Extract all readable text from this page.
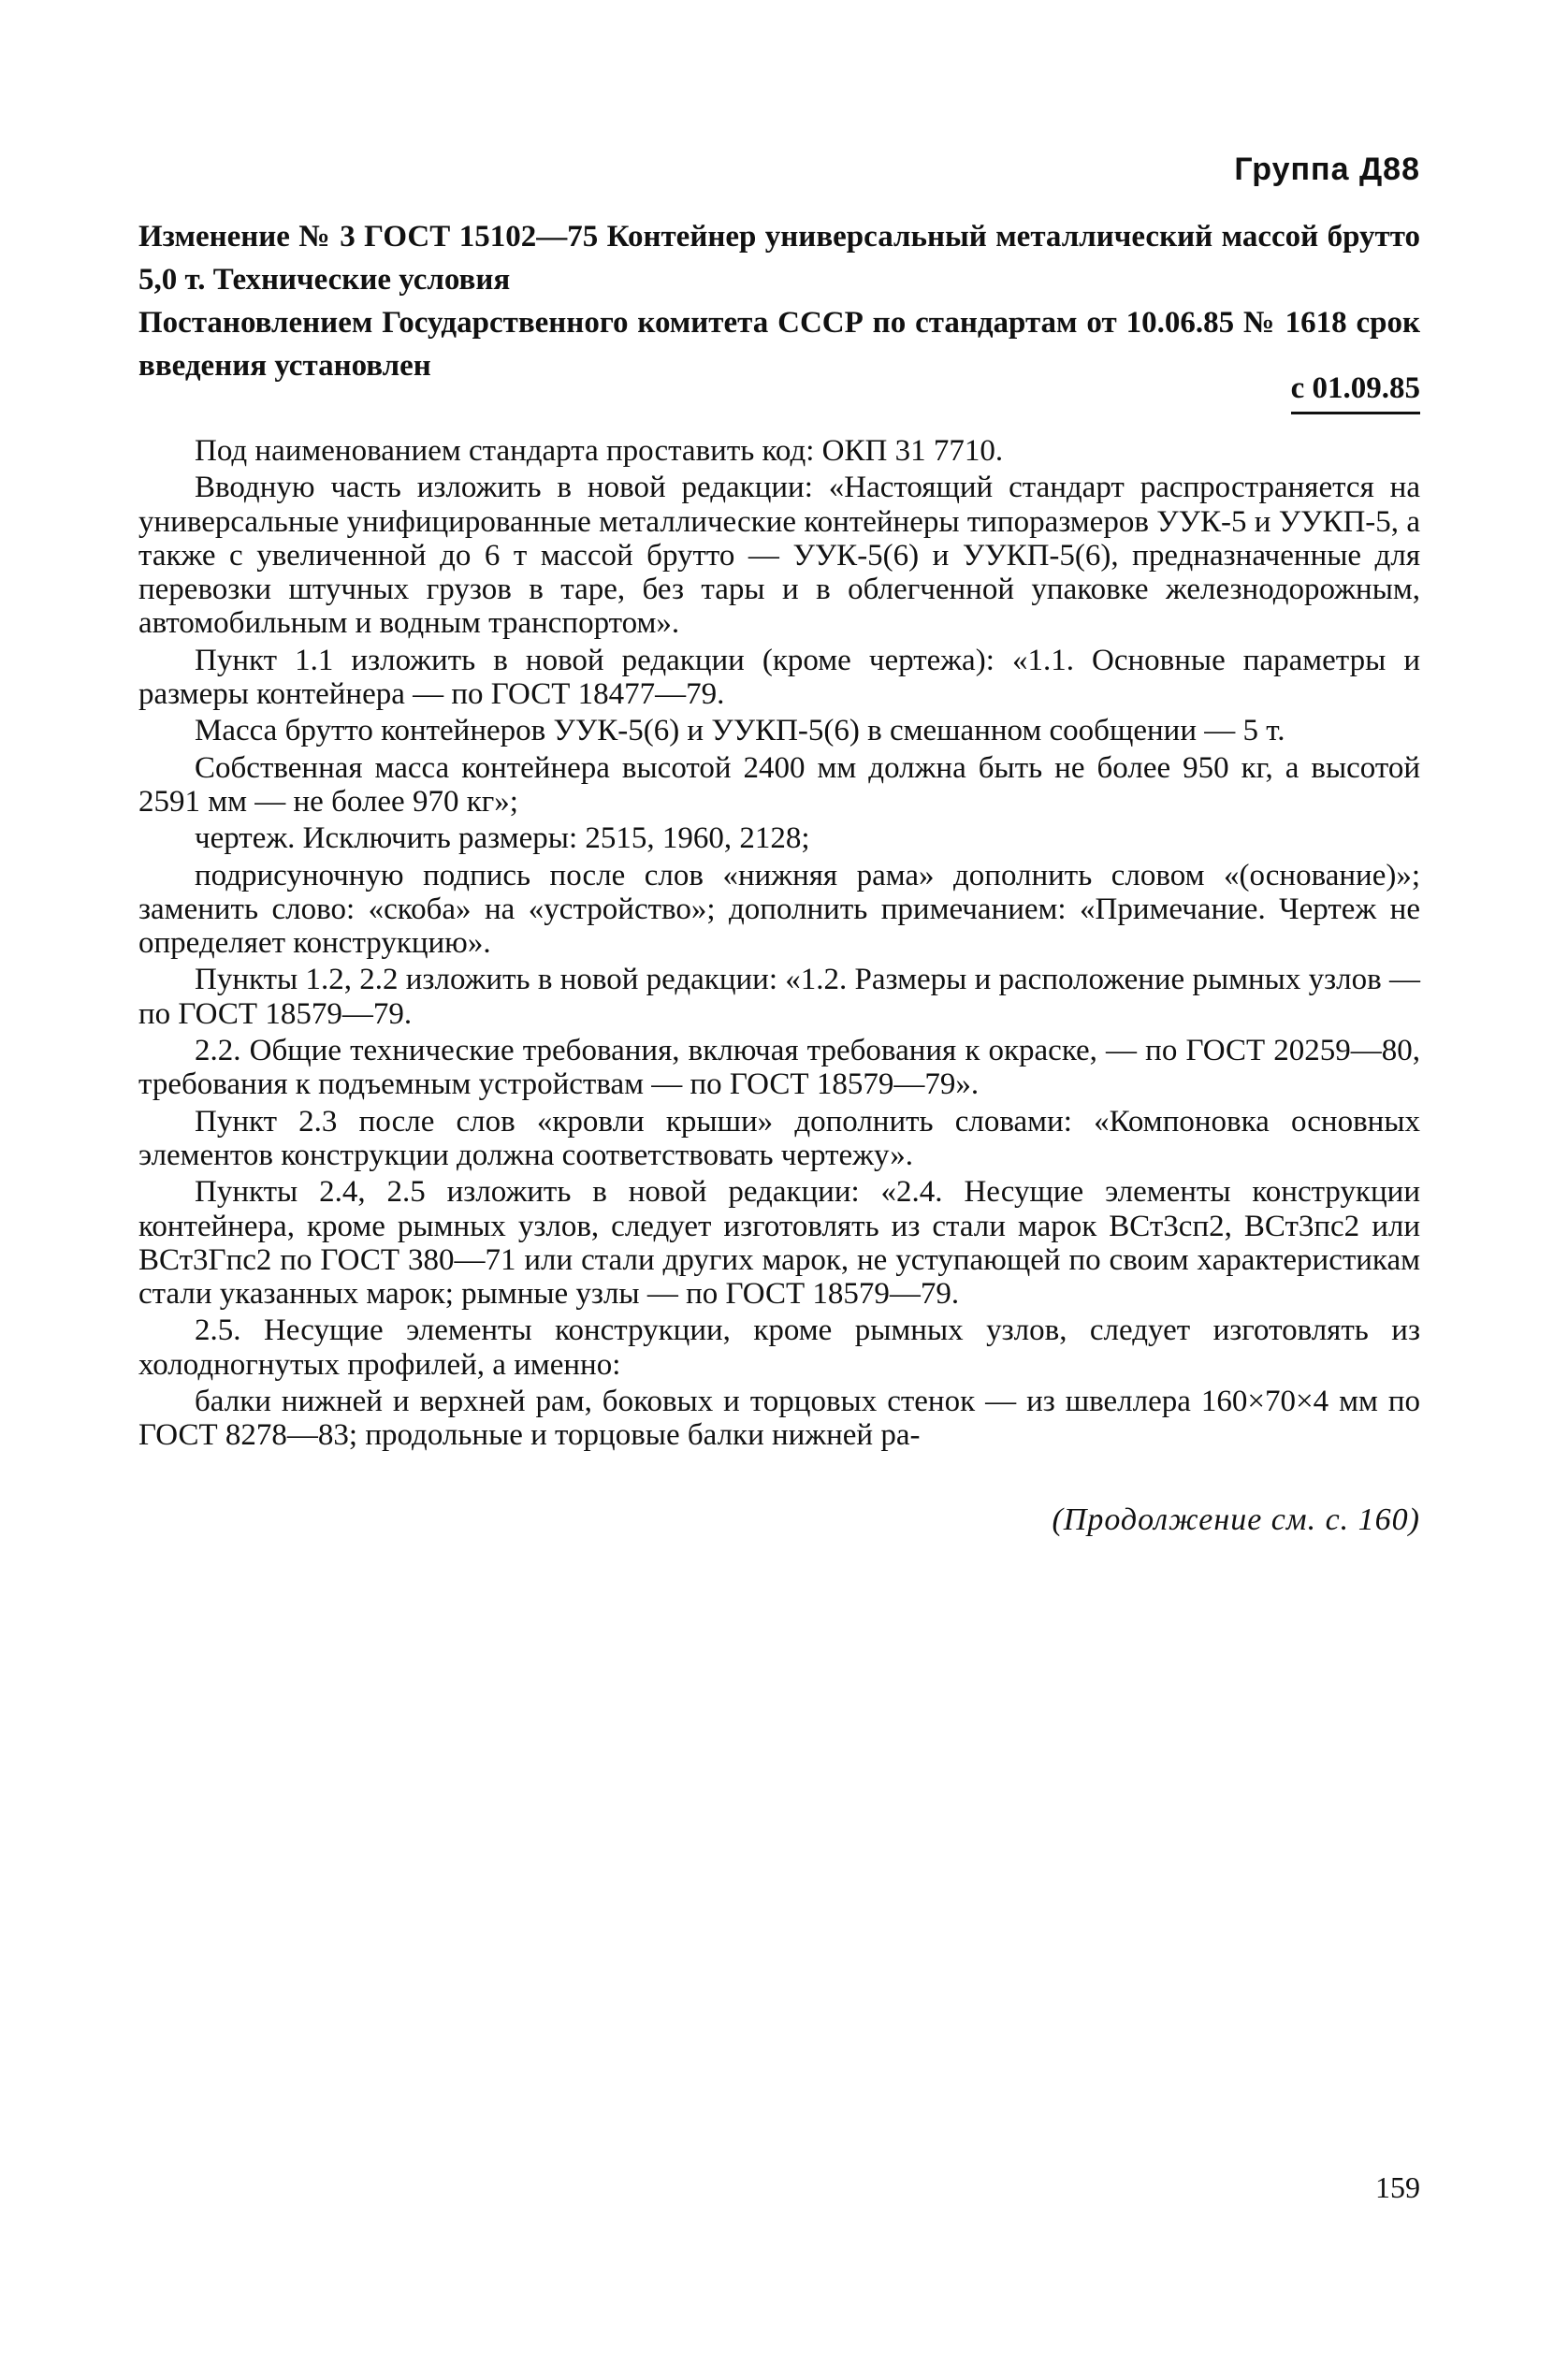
Группа Д88
Изменение № 3 ГОСТ 15102—75 Контейнер универсальный металлический массой брутто 5,0 т. Технические условия
Постановлением Государственного комитета СССР по стандартам от 10.06.85 № 1618 срок введения установлен
с 01.09.85

Под наименованием стандарта проставить код: ОКП 31 7710.

Вводную часть изложить в новой редакции: «Настоящий стандарт распространяется на универсальные унифицированные металлические контейнеры типоразмеров УУК-5 и УУКП-5, а также с увеличенной до 6 т массой брутто — УУК-5(6) и УУКП-5(6), предназначенные для перевозки штучных грузов в таре, без тары и в облегченной упаковке железнодорожным, автомобильным и водным транспортом».

Пункт 1.1 изложить в новой редакции (кроме чертежа): «1.1. Основные параметры и размеры контейнера — по ГОСТ 18477—79.

Масса брутто контейнеров УУК-5(6) и УУКП-5(6) в смешанном сообщении — 5 т.

Собственная масса контейнера высотой 2400 мм должна быть не более 950 кг, а высотой 2591 мм — не более 970 кг»;

чертеж. Исключить размеры: 2515, 1960, 2128;

подрисуночную подпись после слов «нижняя рама» дополнить словом «(основание)»; заменить слово: «скоба» на «устройство»; дополнить примечанием: «Примечание. Чертеж не определяет конструкцию».

Пункты 1.2, 2.2 изложить в новой редакции: «1.2. Размеры и расположение рымных узлов — по ГОСТ 18579—79.

2.2. Общие технические требования, включая требования к окраске, — по ГОСТ 20259—80, требования к подъемным устройствам — по ГОСТ 18579—79».

Пункт 2.3 после слов «кровли крыши» дополнить словами: «Компоновка основных элементов конструкции должна соответствовать чертежу».

Пункты 2.4, 2.5 изложить в новой редакции: «2.4. Несущие элементы конструкции контейнера, кроме рымных узлов, следует изготовлять из стали марок ВСт3сп2, ВСт3пс2 или ВСт3Гпс2 по ГОСТ 380—71 или стали других марок, не уступающей по своим характеристикам стали указанных марок; рымные узлы — по ГОСТ 18579—79.

2.5. Несущие элементы конструкции, кроме рымных узлов, следует изготовлять из холодногнутых профилей, а именно:

балки нижней и верхней рам, боковых и торцовых стенок — из швеллера 160×70×4 мм по ГОСТ 8278—83; продольные и торцовые балки нижней ра-

(Продолжение см. с. 160)
159
